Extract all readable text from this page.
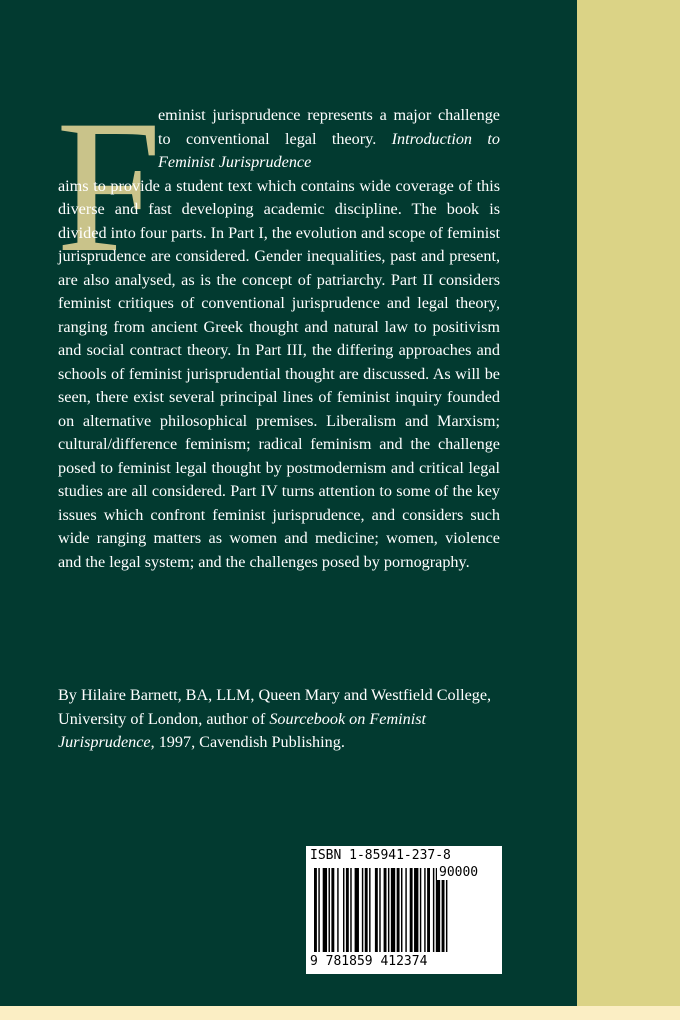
F

eminist jurisprudence represents a major challenge to conventional legal theory. Introduction to Feminist Jurisprudence
aims to provide a student text which contains wide coverage of this diverse and fast developing academic discipline. The book is divided into four parts. In Part I, the evolution and scope of feminist jurisprudence are considered. Gender inequalities, past and present, are also analysed, as is the concept of patriarchy. Part II considers feminist critiques of conventional jurisprudence and legal theory, ranging from ancient Greek thought and natural law to positivism and social contract theory. In Part III, the differing approaches and schools of feminist jurisprudential thought are discussed. As will be seen, there exist several principal lines of feminist inquiry founded on alternative philosophical premises. Liberalism and Marxism; cultural/difference feminism; radical feminism and the challenge posed to feminist legal thought by postmodernism and critical legal studies are all considered. Part IV turns attention to some of the key issues which confront feminist jurisprudence, and considers such wide ranging matters as women and medicine; women, violence and the legal system; and the challenges posed by pornography.

By Hilaire Barnett, BA, LLM, Queen Mary and Westfield College, University of London, author of Sourcebook on Feminist Jurisprudence, 1997, Cavendish Publishing.

ISBN 1-85941-237-8
90000
9 781859 412374
